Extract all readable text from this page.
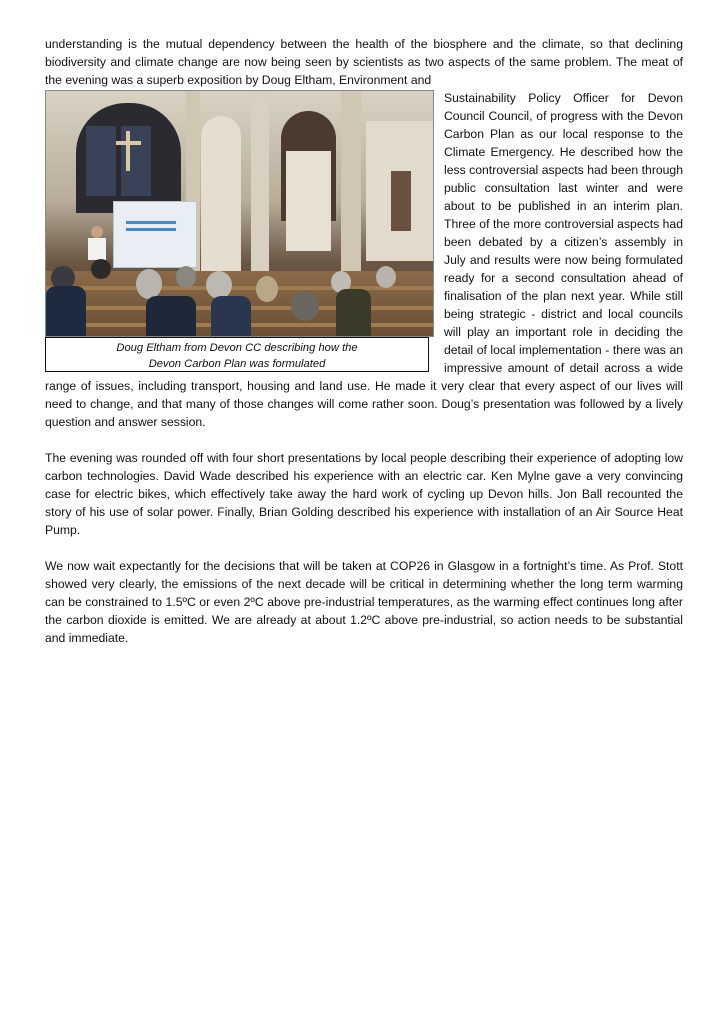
understanding is the mutual dependency between the health of the biosphere and the climate, so that declining biodiversity and climate change are now being seen by scientists as two aspects of the same problem. The meat of the evening was a superb exposition by Doug Eltham, Environment and

Doug Eltham from Devon CC describing how the
Devon Carbon Plan was formulated

Sustainability Policy Officer for Devon Council Council, of progress with the Devon Carbon Plan as our local response to the Climate Emergency. He described how the less controversial aspects had been through public consultation last winter and were about to be published in an interim plan. Three of the more controversial aspects had been debated by a citizen’s assembly in July and results were now being formulated ready for a second consultation ahead of finalisation of the plan next year. While still being strategic - district and local councils will play an important role in deciding the detail of local implementation - there was an impressive amount of detail across a wide range of issues, including transport, housing and land use. He made it very clear that every aspect of our lives will need to change, and that many of those changes will come rather soon. Doug’s presentation was followed by a lively question and answer session.

The evening was rounded off with four short presentations by local people describing their experience of adopting low carbon technologies. David Wade described his experience with an electric car. Ken Mylne gave a very convincing case for electric bikes, which effectively take away the hard work of cycling up Devon hills. Jon Ball recounted the story of his use of solar power. Finally, Brian Golding described his experience with installation of an Air Source Heat Pump.

We now wait expectantly for the decisions that will be taken at COP26 in Glasgow in a fortnight’s time. As Prof. Stott showed very clearly, the emissions of the next decade will be critical in determining whether the long term warming can be constrained to 1.5ºC or even 2ºC above pre-industrial temperatures, as the warming effect continues long after the carbon dioxide is emitted. We are already at about 1.2ºC above pre-industrial, so action needs to be substantial and immediate.
